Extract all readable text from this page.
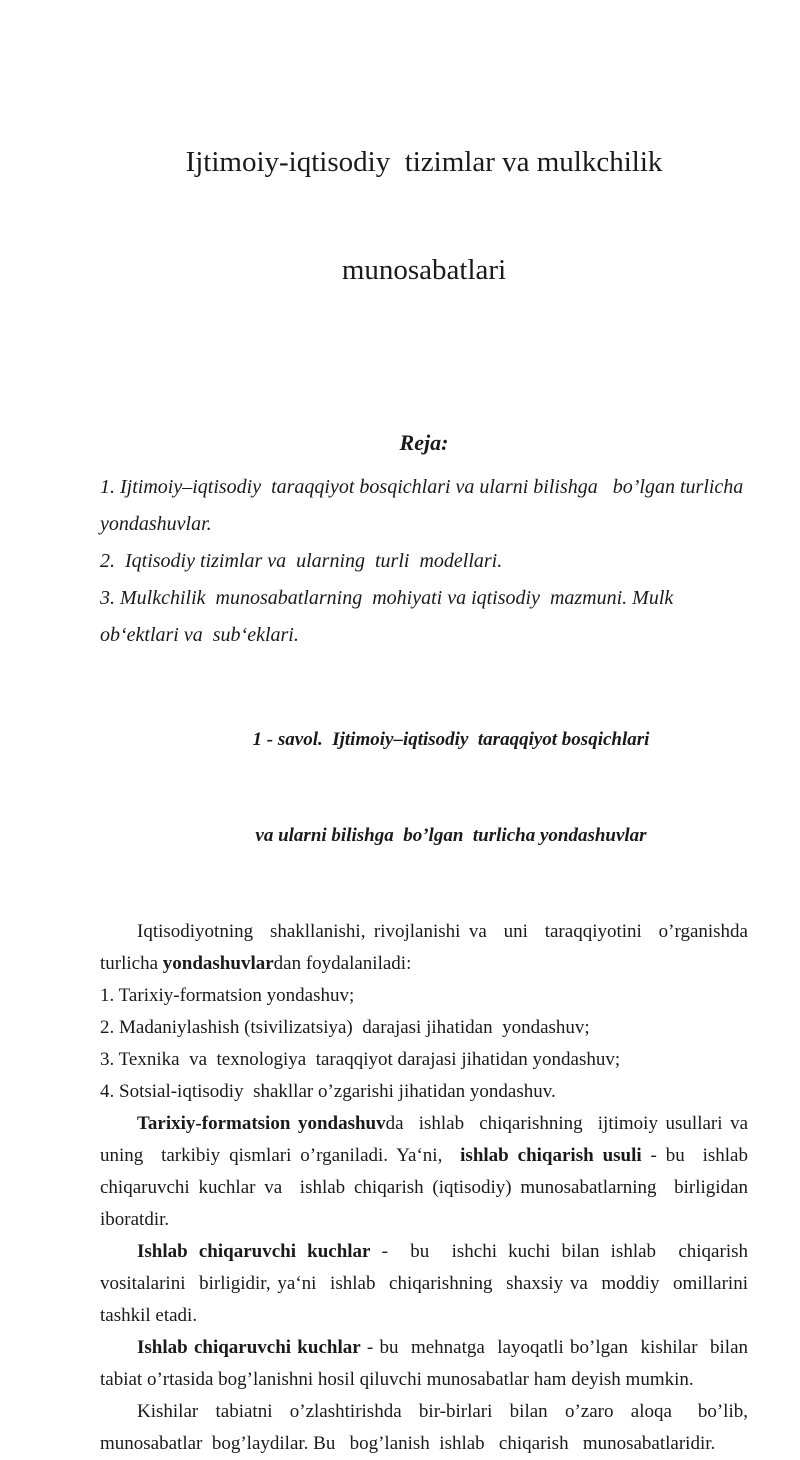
Ijtimoiy-iqtisodiy  tizimlar va mulkchilik

munosabatlari

Reja:
1. Ijtimoiy–iqtisodiy  taraqqiyot bosqichlari va ularni bilishga   bo’lgan turlicha yondashuvlar.
2.  Iqtisodiy tizimlar va  ularning  turli  modellari.
3. Mulkchilik  munosabatlarning  mohiyati va iqtisodiy  mazmuni. Mulk obʻektlari va  subʻeklari.

1 - savol.  Ijtimoiy–iqtisodiy  taraqqiyot bosqichlari

va ularni bilishga  bo’lgan  turlicha yondashuvlar

Iqtisodiyotning  shakllanishi, rivojlanishi va  uni  taraqqiyotini  o’rganishda turlicha yondashuvlardan foydalaniladi:

1. Tarixiy-formatsion yondashuv;

2. Madaniylashish (tsivilizatsiya)  darajasi jihatidan  yondashuv;

3. Texnika  va  texnologiya  taraqqiyot darajasi jihatidan yondashuv;

4. Sotsial-iqtisodiy  shakllar o’zgarishi jihatidan yondashuv.

Tarixiy-formatsion yondashuvda  ishlab  chiqarishning  ijtimoiy usullari va uning  tarkibiy qismlari o’rganiladi. Yaʻni,  ishlab chiqarish usuli - bu  ishlab chiqaruvchi kuchlar va  ishlab chiqarish (iqtisodiy) munosabatlarning  birligidan iboratdir.

Ishlab chiqaruvchi kuchlar -  bu  ishchi kuchi bilan ishlab  chiqarish vositalarini  birligidir, yaʻni  ishlab  chiqarishning  shaxsiy va  moddiy  omillarini tashkil etadi.

Ishlab chiqaruvchi kuchlar - bu  mehnatga  layoqatli bo’lgan  kishilar  bilan tabiat o’rtasida bog’lanishni hosil qiluvchi munosabatlar ham deyish mumkin.

Kishilar  tabiatni  o’zlashtirishda  bir-birlari  bilan  o’zaro  aloqa   bo’lib, munosabatlar  bog’laydilar. Bu   bog’lanish  ishlab   chiqarish   munosabatlaridir.
